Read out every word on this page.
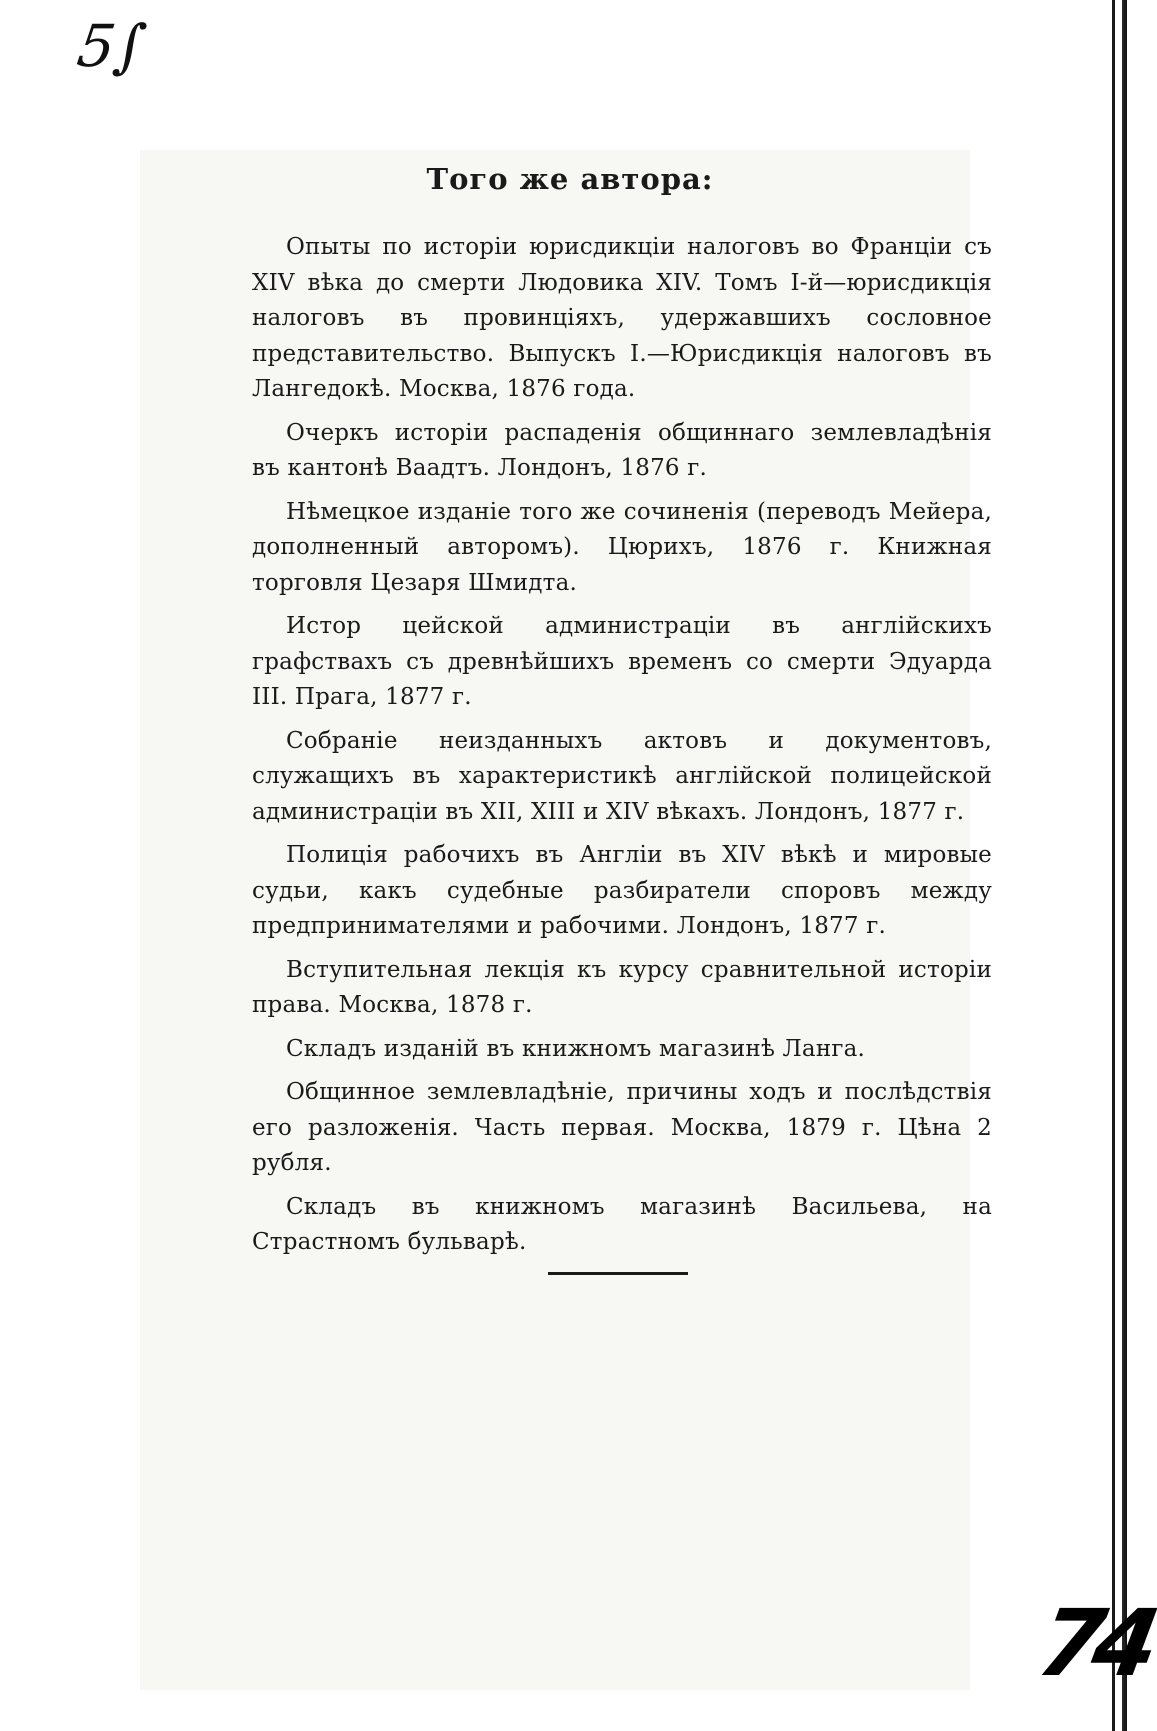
5∫
Того же автора:

Опыты по исторіи юрисдикціи налоговъ во Франціи съ XIV вѣка до смерти Людовика XIV. Томъ I-й—юрисдикція налоговъ въ провинціяхъ, удержавшихъ сословное представительство. Выпускъ I.—Юрисдикція налоговъ въ Лангедокѣ. Москва, 1876 года.

Очеркъ исторіи распаденія общиннаго землевладѣнія въ кантонѣ Ваадтъ. Лондонъ, 1876 г.

Нѣмецкое изданіе того же сочиненія (переводъ Мейера, дополненный авторомъ). Цюрихъ, 1876 г. Книжная торговля Цезаря Шмидта.

Истор цейской администраціи въ англійскихъ графствахъ съ древнѣйшихъ временъ со смерти Эдуарда III. Прага, 1877 г.

Собраніе неизданныхъ актовъ и документовъ, служащихъ въ характеристикѣ англійской полицейской администраціи въ XII, XIII и XIV вѣкахъ. Лондонъ, 1877 г.

Полиція рабочихъ въ Англіи въ XIV вѣкѣ и мировые судьи, какъ судебные разбиратели споровъ между предпринимателями и рабочими. Лондонъ, 1877 г.

Вступительная лекція къ курсу сравнительной исторіи права. Москва, 1878 г.

Складъ изданій въ книжномъ магазинѣ Ланга.

Общинное землевладѣніе, причины ходъ и послѣдствія его разложенія. Часть первая. Москва, 1879 г. Цѣна 2 рубля.

Складъ въ книжномъ магазинѣ Васильева, на Страстномъ бульварѣ.

74
